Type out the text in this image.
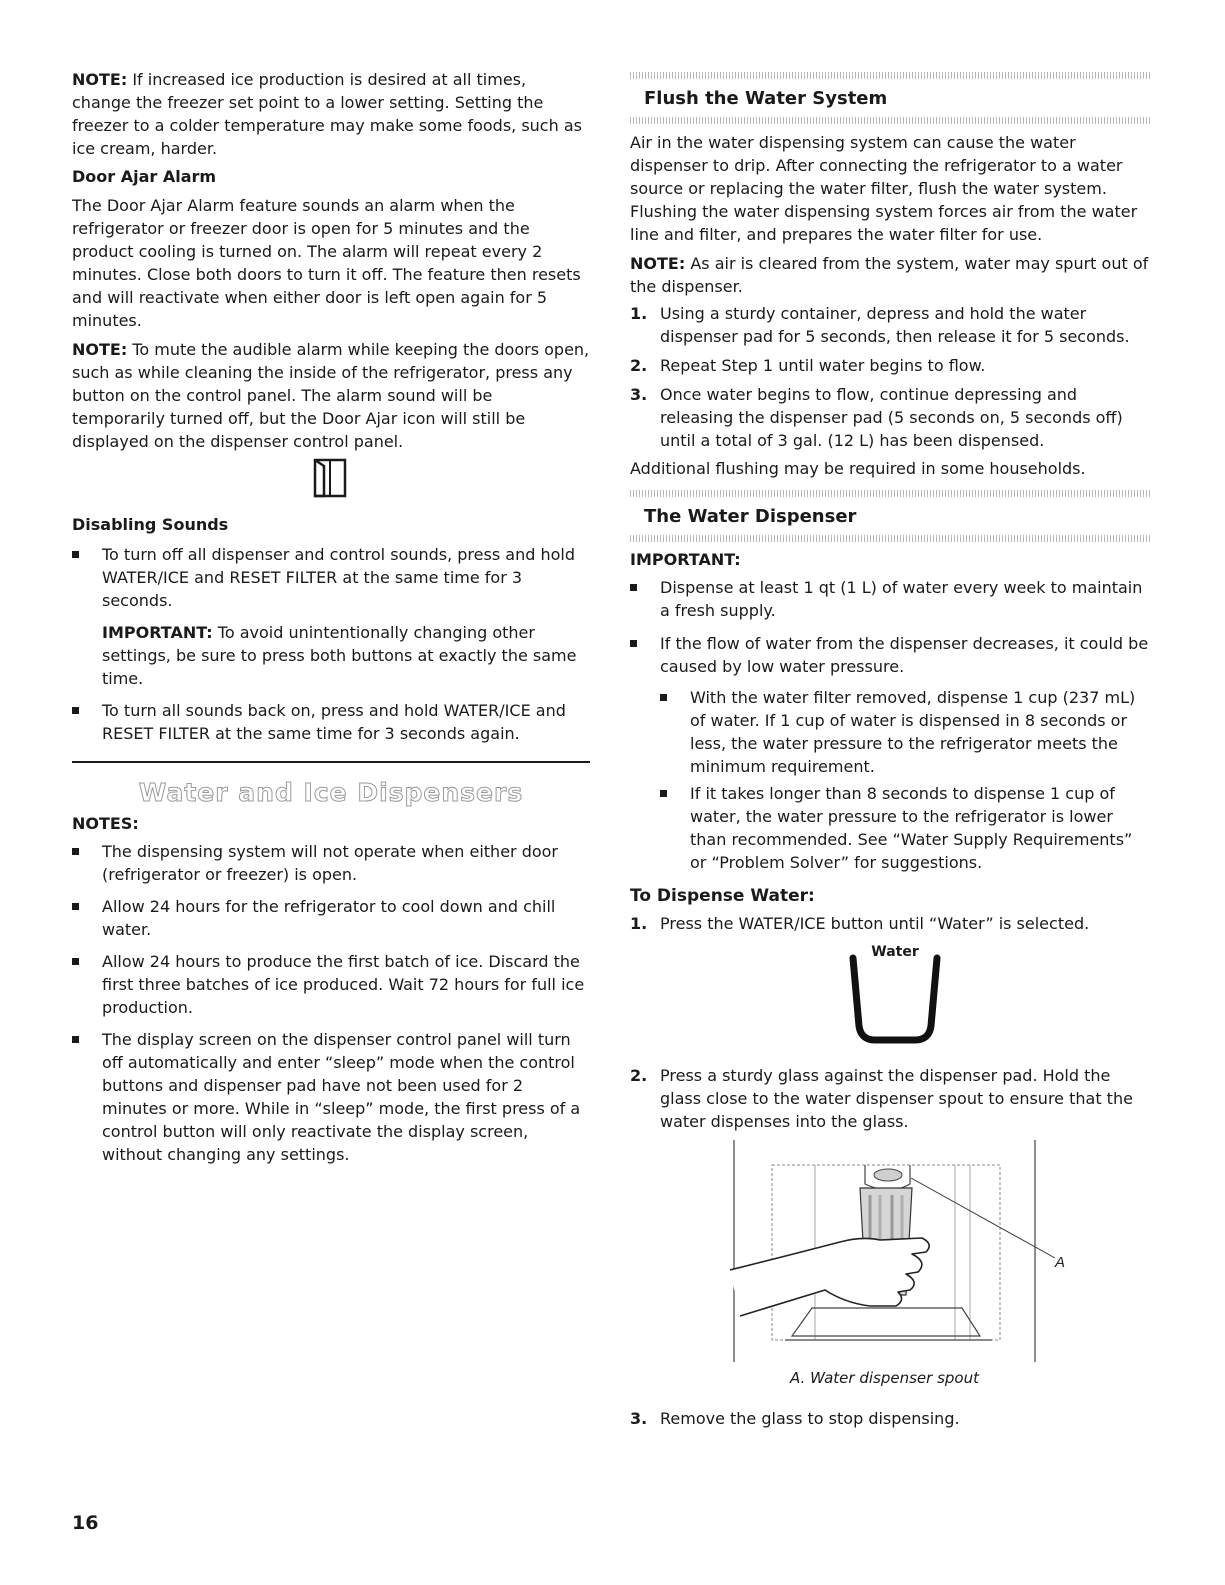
NOTE: If increased ice production is desired at all times, change the freezer set point to a lower setting. Setting the freezer to a colder temperature may make some foods, such as ice cream, harder.

Door Ajar Alarm

The Door Ajar Alarm feature sounds an alarm when the refrigerator or freezer door is open for 5 minutes and the product cooling is turned on. The alarm will repeat every 2 minutes. Close both doors to turn it off. The feature then resets and will reactivate when either door is left open again for 5 minutes.

NOTE: To mute the audible alarm while keeping the doors open, such as while cleaning the inside of the refrigerator, press any button on the control panel. The alarm sound will be temporarily turned off, but the Door Ajar icon will still be displayed on the dispenser control panel.

Disabling Sounds
To turn off all dispenser and control sounds, press and hold WATER/ICE and RESET FILTER at the same time for 3 seconds.

IMPORTANT: To avoid unintentionally changing other settings, be sure to press both buttons at exactly the same time.

To turn all sounds back on, press and hold WATER/ICE and RESET FILTER at the same time for 3 seconds again.
Water and Ice Dispensers
NOTES:
The dispensing system will not operate when either door (refrigerator or freezer) is open.
Allow 24 hours for the refrigerator to cool down and chill water.
Allow 24 hours to produce the first batch of ice. Discard the first three batches of ice produced. Wait 72 hours for full ice production.
The display screen on the dispenser control panel will turn off automatically and enter “sleep” mode when the control buttons and dispenser pad have not been used for 2 minutes or more. While in “sleep” mode, the first press of a control button will only reactivate the display screen, without changing any settings.
Flush the Water System

Air in the water dispensing system can cause the water dispenser to drip. After connecting the refrigerator to a water source or replacing the water filter, flush the water system. Flushing the water dispensing system forces air from the water line and filter, and prepares the water filter for use.

NOTE: As air is cleared from the system, water may spurt out of the dispenser.

1. Using a sturdy container, depress and hold the water dispenser pad for 5 seconds, then release it for 5 seconds.
2. Repeat Step 1 until water begins to flow.
3. Once water begins to flow, continue depressing and releasing the dispenser pad (5 seconds on, 5 seconds off) until a total of 3 gal. (12 L) has been dispensed.

Additional flushing may be required in some households.

The Water Dispenser
IMPORTANT:
Dispense at least 1 qt (1 L) of water every week to maintain a fresh supply.
If the flow of water from the dispenser decreases, it could be caused by low water pressure.
With the water filter removed, dispense 1 cup (237 mL) of water. If 1 cup of water is dispensed in 8 seconds or less, the water pressure to the refrigerator meets the minimum requirement.
If it takes longer than 8 seconds to dispense 1 cup of water, the water pressure to the refrigerator is lower than recommended. See “Water Supply Requirements” or “Problem Solver” for suggestions.
To Dispense Water:
1. Press the WATER/ICE button until “Water” is selected.
Water
2. Press a sturdy glass against the dispenser pad. Hold the glass close to the water dispenser spout to ensure that the water dispenses into the glass.
A
A. Water dispenser spout
3. Remove the glass to stop dispensing.
16
